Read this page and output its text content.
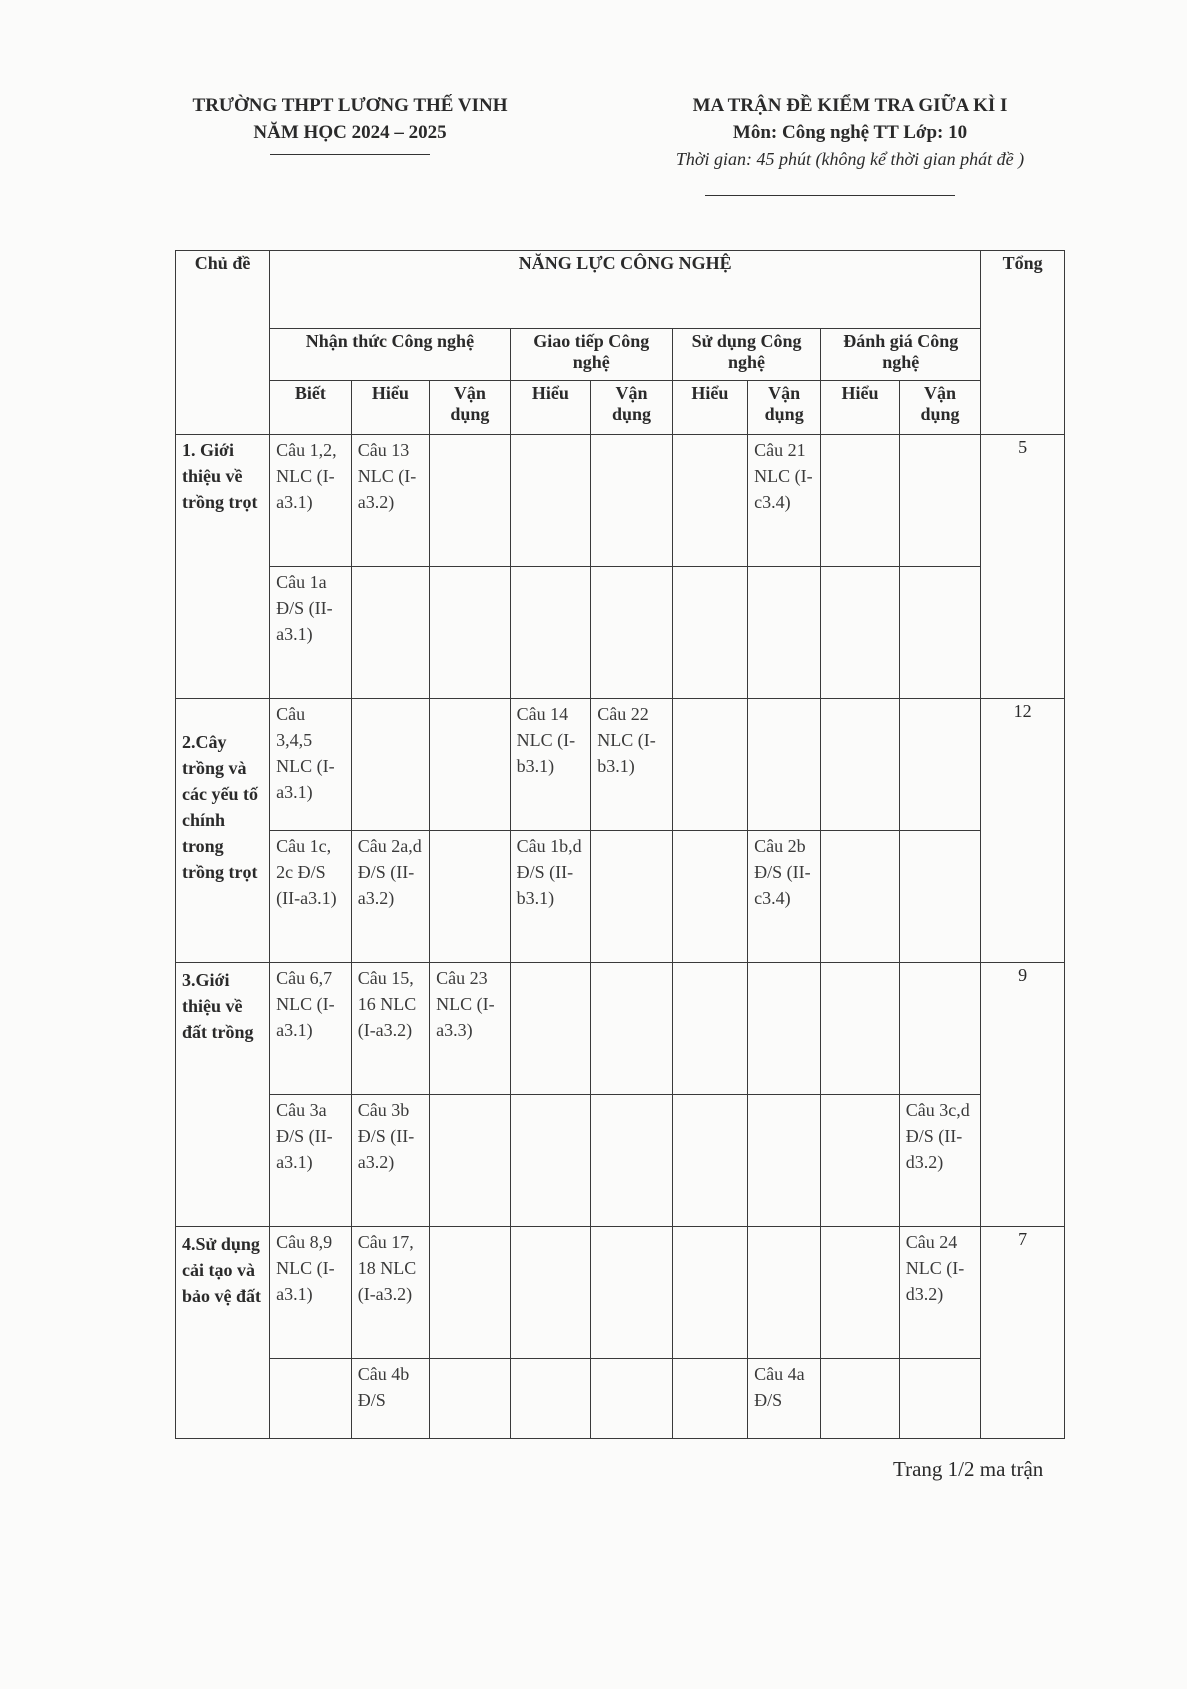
TRƯỜNG THPT LƯƠNG THẾ VINH
NĂM HỌC 2024 – 2025
MA TRẬN ĐỀ KIỂM TRA GIỮA KÌ I
Môn: Công nghệ TT Lớp: 10
Thời gian: 45 phút (không kể thời gian phát đề )
Chủ đề	NĂNG LỰC CÔNG NGHỆ									Tổng
	Nhận thức Công nghệ			Giao tiếp Công nghệ		Sử dụng Công nghệ		Đánh giá Công nghệ		
	Biết	Hiểu	Vận dụng	Hiểu	Vận dụng	Hiểu	Vận dụng	Hiểu	Vận dụng	
1. Giới thiệu về trồng trọt	Câu 1,2, NLC (I-a3.1)	Câu 13 NLC (I-a3.2)					Câu 21 NLC (I-c3.4)			5
	Câu 1a Đ/S (II-a3.1)									
2.Cây trồng và các yếu tố chính trong trồng trọt	Câu 3,4,5 NLC (I-a3.1)			Câu 14 NLC (I-b3.1)	Câu 22 NLC (I-b3.1)					12
	Câu 1c, 2c Đ/S (II-a3.1)	Câu 2a,d Đ/S (II-a3.2)		Câu 1b,d Đ/S (II-b3.1)			Câu 2b Đ/S (II-c3.4)			
3.Giới thiệu về đất trồng	Câu 6,7 NLC (I-a3.1)	Câu 15, 16 NLC (I-a3.2)	Câu 23 NLC (I-a3.3)							9
	Câu 3a Đ/S (II-a3.1)	Câu 3b Đ/S (II-a3.2)							Câu 3c,d Đ/S (II-d3.2)	
4.Sử dụng cải tạo và bảo vệ đất	Câu 8,9 NLC (I-a3.1)	Câu 17, 18 NLC (I-a3.2)							Câu 24 NLC (I-d3.2)	7
		Câu 4b Đ/S					Câu 4a Đ/S			
Trang 1/2 ma trận
